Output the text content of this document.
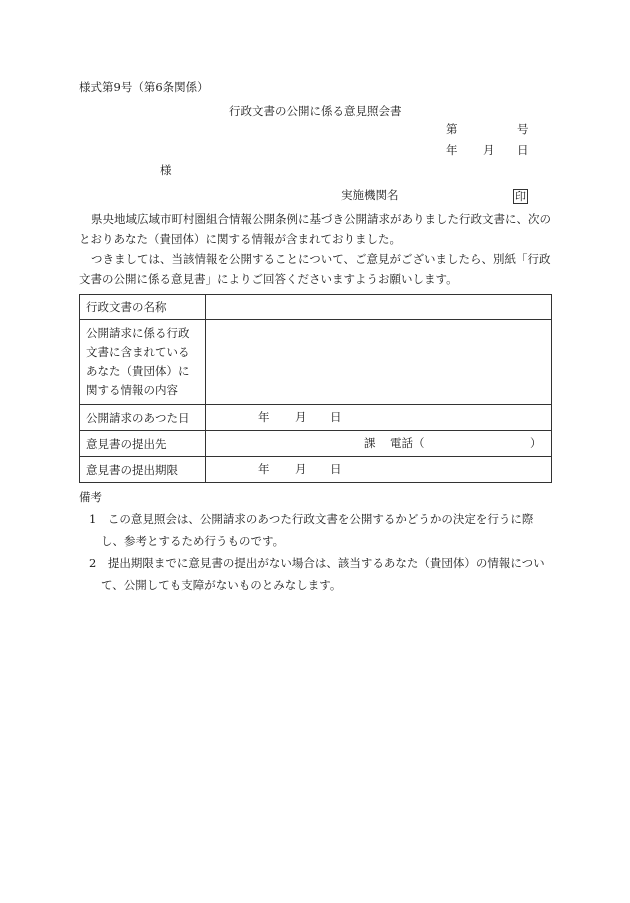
様式第9号（第6条関係）
行政文書の公開に係る意見照会書
第	号
年 月 日
様
実施機関名	印

県央地域広域市町村圏組合情報公開条例に基づき公開請求がありました行政文書に、次のとおりあなた（貴団体）に関する情報が含まれておりました。

つきましては、当該情報を公開することについて、ご意見がございましたら、別紙「行政文書の公開に係る意見書」によりご回答くださいますようお願いします。

行政文書の名称	
公開請求に係る行政文書に含まれているあなた（貴団体）に関する情報の内容	
公開請求のあつた日	年 月 日

意見書の提出先	課 電話（ ）

意見書の提出期限	年 月 日
備考
1　 この意見照会は、公開請求のあつた行政文書を公開するかどうかの決定を行うに際し、参考とするため行うものです。
2　 提出期限までに意見書の提出がない場合は、該当するあなた（貴団体）の情報について、公開しても支障がないものとみなします。
